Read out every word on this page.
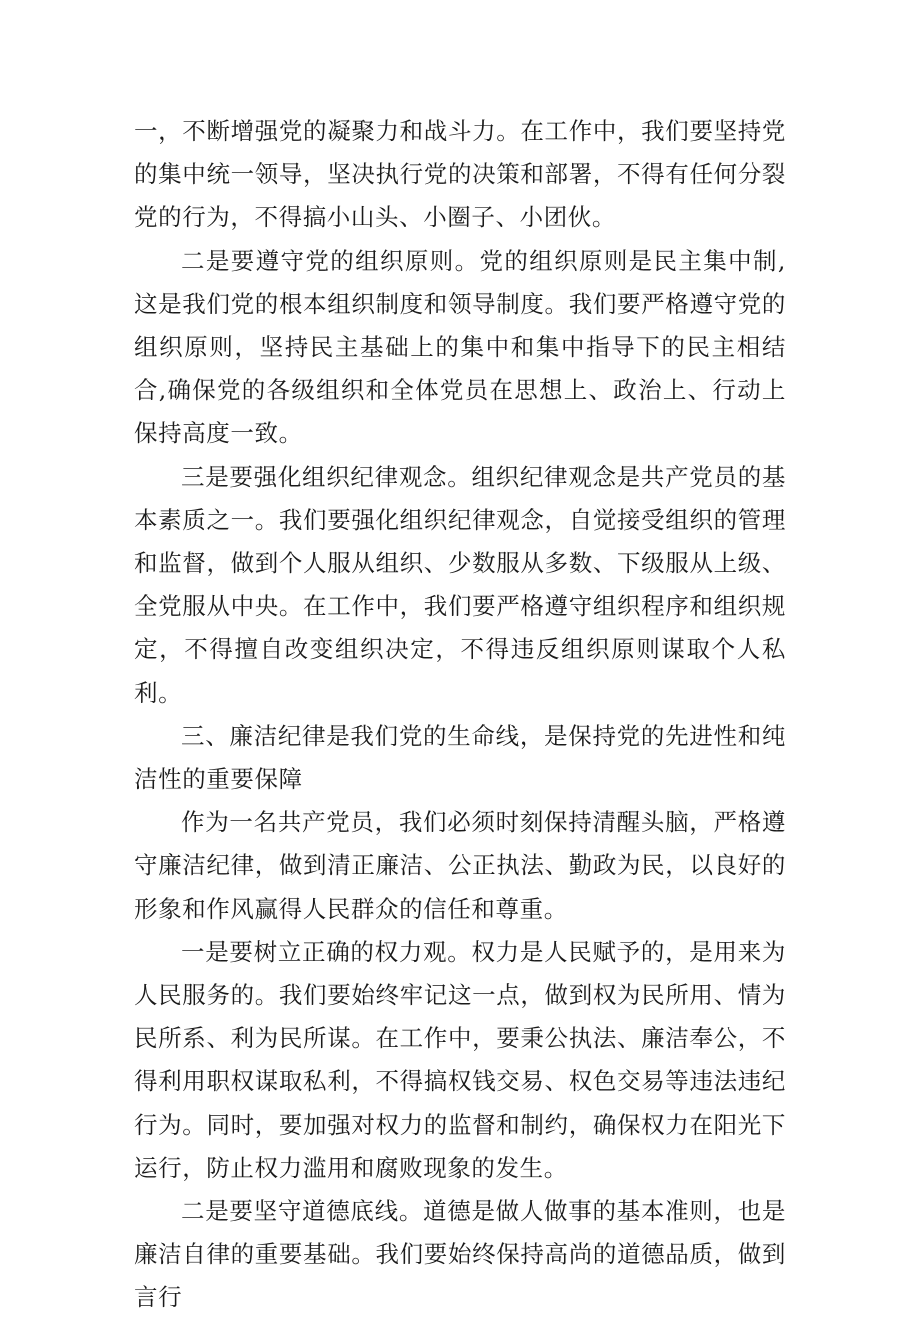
一，不断增强党的凝聚力和战斗力。在工作中，我们要坚持党的集中统一领导，坚决执行党的决策和部署，不得有任何分裂党的行为，不得搞小山头、小圈子、小团伙。

二是要遵守党的组织原则。党的组织原则是民主集中制,这是我们党的根本组织制度和领导制度。我们要严格遵守党的组织原则，坚持民主基础上的集中和集中指导下的民主相结合,确保党的各级组织和全体党员在思想上、政治上、行动上保持高度一致。

三是要强化组织纪律观念。组织纪律观念是共产党员的基本素质之一。我们要强化组织纪律观念，自觉接受组织的管理和监督，做到个人服从组织、少数服从多数、下级服从上级、全党服从中央。在工作中，我们要严格遵守组织程序和组织规定，不得擅自改变组织决定，不得违反组织原则谋取个人私利。

三、廉洁纪律是我们党的生命线，是保持党的先进性和纯洁性的重要保障

作为一名共产党员，我们必须时刻保持清醒头脑，严格遵守廉洁纪律，做到清正廉洁、公正执法、勤政为民，以良好的形象和作风赢得人民群众的信任和尊重。

一是要树立正确的权力观。权力是人民赋予的，是用来为人民服务的。我们要始终牢记这一点，做到权为民所用、情为民所系、利为民所谋。在工作中，要秉公执法、廉洁奉公，不得利用职权谋取私利，不得搞权钱交易、权色交易等违法违纪行为。同时，要加强对权力的监督和制约，确保权力在阳光下运行，防止权力滥用和腐败现象的发生。

二是要坚守道德底线。道德是做人做事的基本准则，也是廉洁自律的重要基础。我们要始终保持高尚的道德品质，做到言行
